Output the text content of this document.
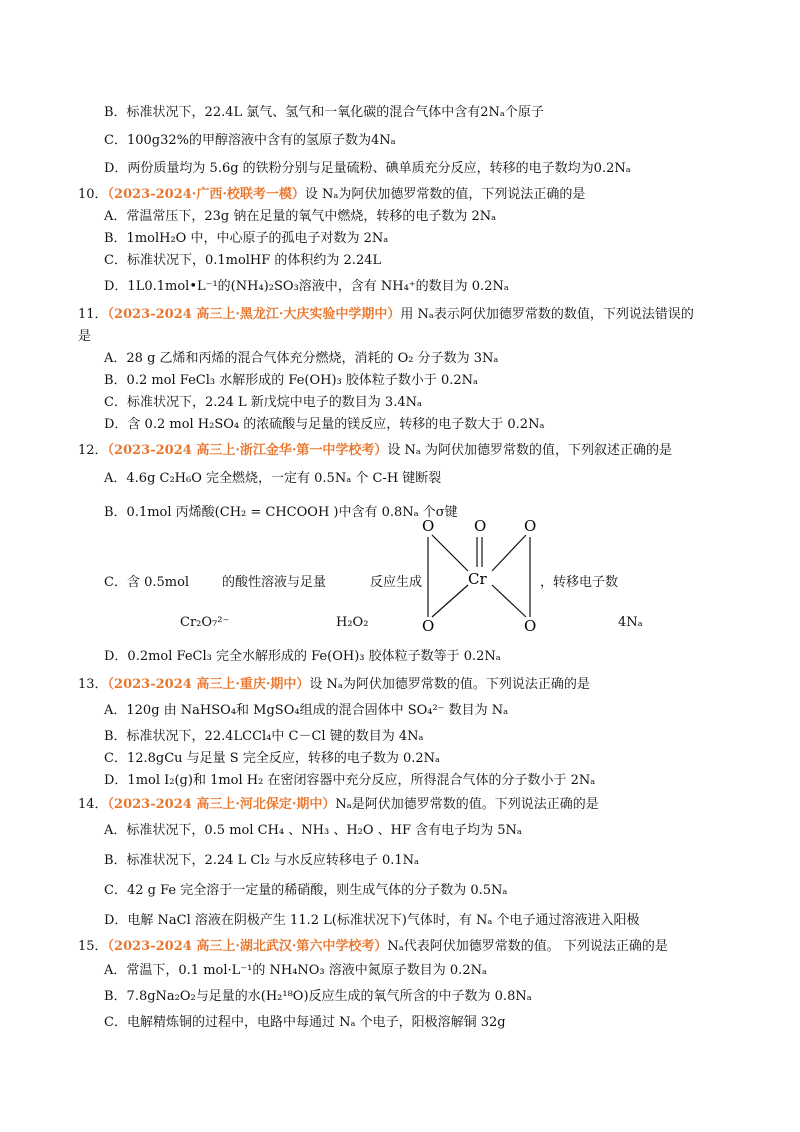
B．标准状况下，22.4L 氯气、氢气和一氧化碳的混合气体中含有2Nₐ个原子
C．100g32%的甲醇溶液中含有的氢原子数为4Nₐ
D．两份质量均为 5.6g 的铁粉分别与足量硫粉、碘单质充分反应，转移的电子数均为0.2Nₐ
10．（2023-2024·广西·校联考一模）设 Nₐ为阿伏加德罗常数的值，下列说法正确的是
A．常温常压下，23g 钠在足量的氧气中燃烧，转移的电子数为 2Nₐ
B．1molH₂O 中，中心原子的孤电子对数为 2Nₐ
C．标准状况下，0.1molHF 的体积约为 2.24L
D．1L0.1mol•L⁻¹的(NH₄)₂SO₃溶液中，含有 NH₄⁺的数目为 0.2Nₐ
11．（2023-2024 高三上·黑龙江·大庆实验中学期中）用 Nₐ表示阿伏加德罗常数的数值，下列说法错误的
是
A．28 g 乙烯和丙烯的混合气体充分燃烧，消耗的 O₂ 分子数为 3Nₐ
B．0.2 mol FeCl₃ 水解形成的 Fe(OH)₃ 胶体粒子数小于 0.2Nₐ
C．标准状况下，2.24 L 新戊烷中电子的数目为 3.4Nₐ
D．含 0.2 mol H₂SO₄ 的浓硫酸与足量的镁反应，转移的电子数大于 0.2Nₐ
12．（2023-2024 高三上·浙江金华·第一中学校考）设 Nₐ 为阿伏加德罗常数的值，下列叙述正确的是
A．4.6g C₂H₆O 完全燃烧，一定有 0.5Nₐ 个 C-H 键断裂
B．0.1mol 丙烯酸(CH₂ = CHCOOH )中含有 0.8Nₐ 个σ键
C．含 0.5mol	的酸性溶液与足量	反应生成	，转移电子数
Cr₂O₇²⁻	H₂O₂	4Nₐ
O	O	O
Cr
O	O
D．0.2mol FeCl₃ 完全水解形成的 Fe(OH)₃ 胶体粒子数等于 0.2Nₐ
13．（2023-2024 高三上·重庆·期中）设 Nₐ为阿伏加德罗常数的值。下列说法正确的是
A．120g 由 NaHSO₄和 MgSO₄组成的混合固体中 SO₄²⁻ 数目为 Nₐ
B．标准状况下，22.4LCCl₄中 C－Cl 键的数目为 4Nₐ
C．12.8gCu 与足量 S 完全反应，转移的电子数为 0.2Nₐ
D．1mol I₂(g)和 1mol H₂ 在密闭容器中充分反应，所得混合气体的分子数小于 2Nₐ
14．（2023-2024 高三上·河北保定·期中）Nₐ是阿伏加德罗常数的值。下列说法正确的是
A．标准状况下，0.5 mol CH₄ 、NH₃ 、H₂O 、HF 含有电子均为 5Nₐ
B．标准状况下，2.24 L Cl₂ 与水反应转移电子 0.1Nₐ
C．42 g Fe 完全溶于一定量的稀硝酸，则生成气体的分子数为 0.5Nₐ
D．电解 NaCl 溶液在阴极产生 11.2 L(标准状况下)气体时，有 Nₐ 个电子通过溶液进入阳极
15．（2023-2024 高三上·湖北武汉·第六中学校考）Nₐ代表阿伏加德罗常数的值。 下列说法正确的是
A．常温下，0.1 mol·L⁻¹的 NH₄NO₃ 溶液中氮原子数目为 0.2Nₐ
B．7.8gNa₂O₂与足量的水(H₂¹⁸O)反应生成的氧气所含的中子数为 0.8Nₐ
C．电解精炼铜的过程中，电路中每通过 Nₐ 个电子，阳极溶解铜 32g
